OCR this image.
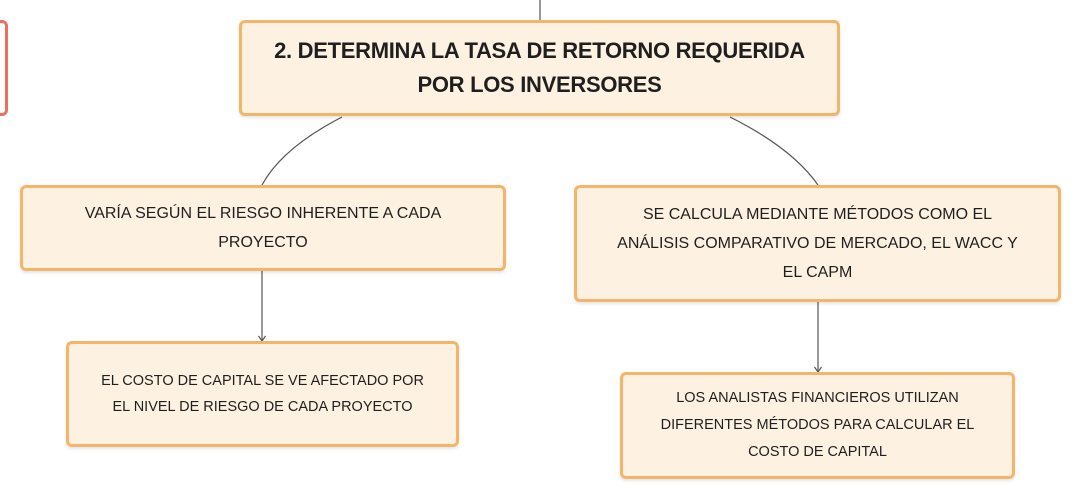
2. DETERMINA LA TASA DE RETORNO REQUERIDA
POR LOS INVERSORES
VARÍA SEGÚN EL RIESGO INHERENTE A CADA
PROYECTO
SE CALCULA MEDIANTE MÉTODOS COMO EL
ANÁLISIS COMPARATIVO DE MERCADO, EL WACC Y
EL CAPM
EL COSTO DE CAPITAL SE VE AFECTADO POR
EL NIVEL DE RIESGO DE CADA PROYECTO
LOS ANALISTAS FINANCIEROS UTILIZAN
DIFERENTES MÉTODOS PARA CALCULAR EL
COSTO DE CAPITAL
